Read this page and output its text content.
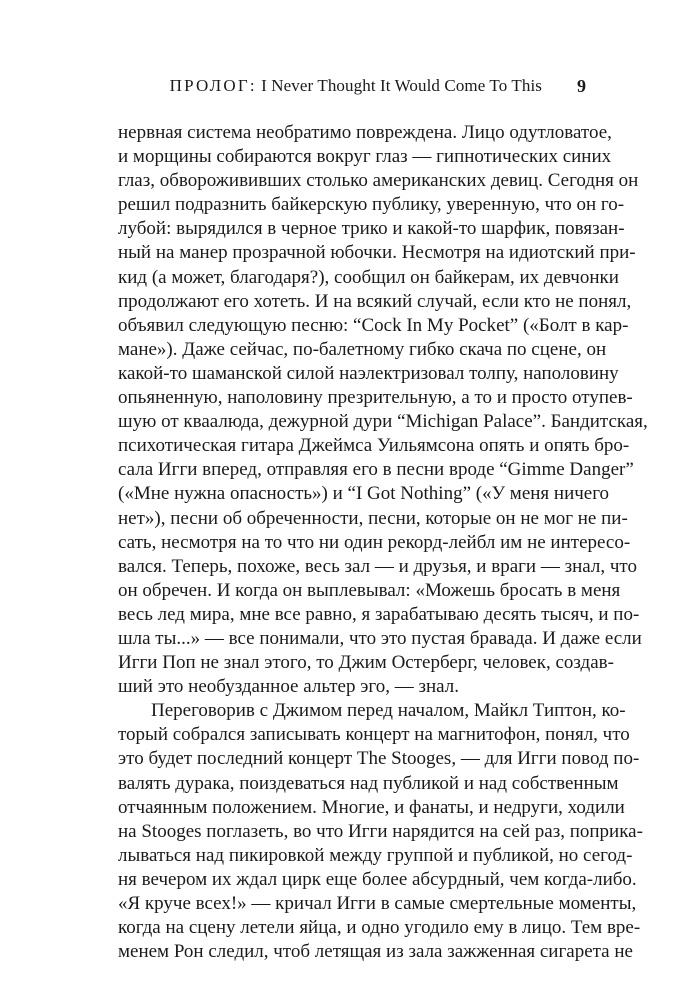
ПРОЛОГ: I Never Thought It Would Come To This 9

нервная система необратимо повреждена. Лицо одутловатое,
и морщины собираются вокруг глаз — гипнотических синих
глаз, обворожививших столько американских девиц. Сегодня он
решил подразнить байкерскую публику, уверенную, что он го-
лубой: вырядился в черное трико и какой-то шарфик, повязан-
ный на манер прозрачной юбочки. Несмотря на идиотский при-
кид (а может, благодаря?), сообщил он байкерам, их девчонки
продолжают его хотеть. И на всякий случай, если кто не понял,
объявил следующую песню: “Cock In My Pocket” («Болт в кар-
мане»). Даже сейчас, по-балетному гибко скача по сцене, он
какой-то шаманской силой наэлектризовал толпу, наполовину
опьяненную, наполовину презрительную, а то и просто отупев-
шую от кваалюда, дежурной дури “Michigan Palace”. Бандитская,
психотическая гитара Джеймса Уильямсона опять и опять бро-
сала Игги вперед, отправляя его в песни вроде “Gimme Danger”
(«Мне нужна опасность») и “I Got Nothing” («У меня ничего
нет»), песни об обреченности, песни, которые он не мог не пи-
сать, несмотря на то что ни один рекорд-лейбл им не интересо-
вался. Теперь, похоже, весь зал — и друзья, и враги — знал, что
он обречен. И когда он выплевывал: «Можешь бросать в меня
весь лед мира, мне все равно, я зарабатываю десять тысяч, и по-
шла ты...» — все понимали, что это пустая бравада. И даже если
Игги Поп не знал этого, то Джим Остерберг, человек, создав-
ший это необузданное альтер эго, — знал.

Переговорив с Джимом перед началом, Майкл Типтон, ко-
торый собрался записывать концерт на магнитофон, понял, что
это будет последний концерт The Stooges, — для Игги повод по-
валять дурака, поиздеваться над публикой и над собственным
отчаянным положением. Многие, и фанаты, и недруги, ходили
на Stooges поглазеть, во что Игги нарядится на сей раз, поприка-
лываться над пикировкой между группой и публикой, но сегод-
ня вечером их ждал цирк еще более абсурдный, чем когда-либо.
«Я круче всех!» — кричал Игги в самые смертельные моменты,
когда на сцену летели яйца, и одно угодило ему в лицо. Тем вре-
менем Рон следил, чтоб летящая из зала зажженная сигарета не
